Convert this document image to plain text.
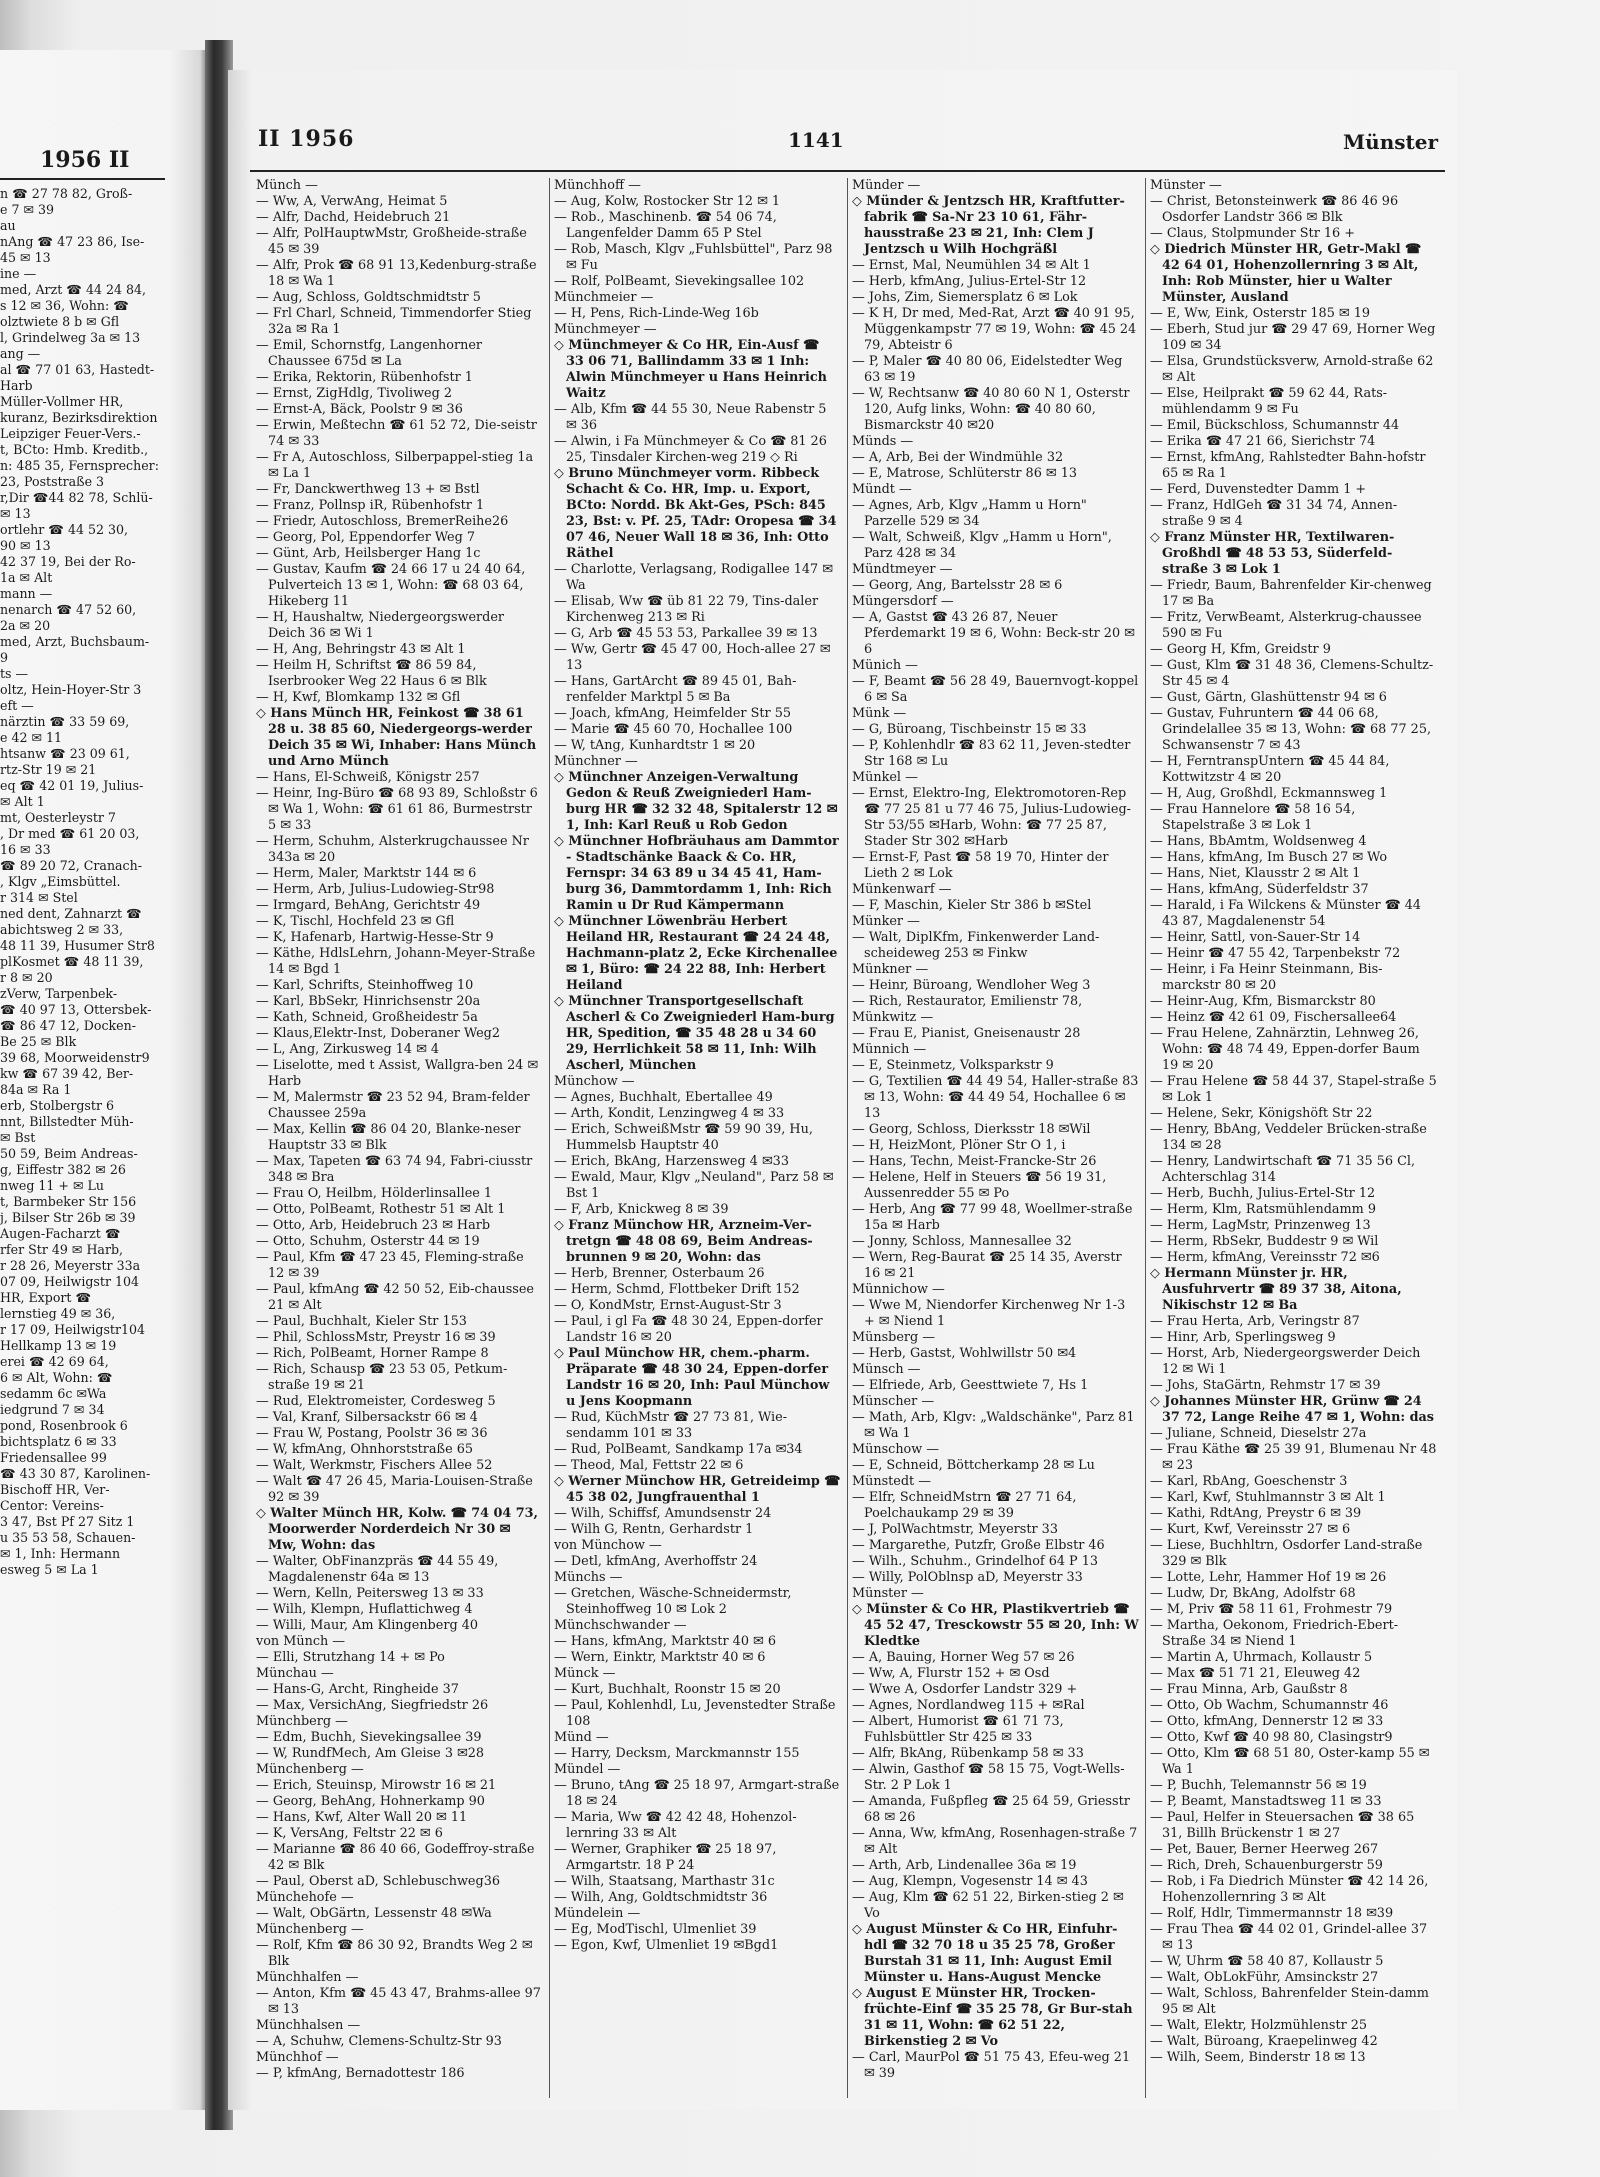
1956 II
n ☎ 27 78 82, Groß-
e 7 ✉ 39
au
nAng ☎ 47 23 86, Ise-
45 ✉ 13
ine —
med, Arzt ☎ 44 24 84,
s 12 ✉ 36, Wohn: ☎
olztwiete 8 b ✉ Gfl
l, Grindelweg 3a ✉ 13
ang —
al ☎ 77 01 63, Hastedt-
Harb
Müller-Vollmer HR,
kuranz, Bezirksdirektion
Leipziger Feuer-Vers.-
t, BCto: Hmb. Kreditb.,
n: 485 35, Fernsprecher:
23, Poststraße 3
r,Dir ☎44 82 78, Schlü-
✉ 13
ortlehr ☎ 44 52 30,
90 ✉ 13
42 37 19, Bei der Ro-
1a ✉ Alt
mann —
nenarch ☎ 47 52 60,
2a ✉ 20
med, Arzt, Buchsbaum-
9
ts —
oltz, Hein-Hoyer-Str 3
eft —
närztin ☎ 33 59 69,
e 42 ✉ 11
htsanw ☎ 23 09 61,
rtz-Str 19 ✉ 21
eq ☎ 42 01 19, Julius-
✉ Alt 1
mt, Oesterleystr 7
, Dr med ☎ 61 20 03,
16 ✉ 33
☎ 89 20 72, Cranach-
, Klgv „Eimsbüttel.
r 314 ✉ Stel
ned dent, Zahnarzt ☎
abichtsweg 2 ✉ 33,
48 11 39, Husumer Str8
plKosmet ☎ 48 11 39,
r 8 ✉ 20
zVerw, Tarpenbek-
☎ 40 97 13, Ottersbek-
☎ 86 47 12, Docken-
Be 25 ✉ Blk
39 68, Moorweidenstr9
kw ☎ 67 39 42, Ber-
84a ✉ Ra 1
erb, Stolbergstr 6
nnt, Billstedter Müh-
✉ Bst
50 59, Beim Andreas-
g, Eiffestr 382 ✉ 26
nweg 11 + ✉ Lu
t, Barmbeker Str 156
j, Bilser Str 26b ✉ 39
Augen-Facharzt ☎
rfer Str 49 ✉ Harb,
r 28 26, Meyerstr 33a
07 09, Heilwigstr 104
HR, Export ☎
lernstieg 49 ✉ 36,
r 17 09, Heilwigstr104
Hellkamp 13 ✉ 19
erei ☎ 42 69 64,
6 ✉ Alt, Wohn: ☎
sedamm 6c ✉Wa
iedgrund 7 ✉ 34
pond, Rosenbrook 6
bichtsplatz 6 ✉ 33
Friedensallee 99
☎ 43 30 87, Karolinen-
Bischoff HR, Ver-
Centor: Vereins-
3 47, Bst Pf 27 Sitz 1
u 35 53 58, Schauen-
✉ 1, Inh: Hermann
esweg 5 ✉ La 1
II 1956	1141	Münster
Münch —
— Ww, A, VerwAng, Heimat 5
— Alfr, Dachd, Heidebruch 21
— Alfr, PolHauptwMstr, Großheide-straße 45 ✉ 39
— Alfr, Prok ☎ 68 91 13,Kedenburg-straße 18 ✉ Wa 1
— Aug, Schloss, Goldtschmidtstr 5
— Frl Charl, Schneid, Timmendorfer Stieg 32a ✉ Ra 1
— Emil, Schornstfg, Langenhorner Chaussee 675d ✉ La
— Erika, Rektorin, Rübenhofstr 1
— Ernst, ZigHdlg, Tivoliweg 2
— Ernst-A, Bäck, Poolstr 9 ✉ 36
— Erwin, Meßtechn ☎ 61 52 72, Die-seistr 74 ✉ 33
— Fr A, Autoschloss, Silberpappel-stieg 1a ✉ La 1
— Fr, Danckwerthweg 13 + ✉ Bstl
— Franz, Pollnsp iR, Rübenhofstr 1
— Friedr, Autoschloss, BremerReihe26
— Georg, Pol, Eppendorfer Weg 7
— Günt, Arb, Heilsberger Hang 1c
— Gustav, Kaufm ☎ 24 66 17 u 24 40 64, Pulverteich 13 ✉ 1, Wohn: ☎ 68 03 64, Hikeberg 11
— H, Haushaltw, Niedergeorgswerder Deich 36 ✉ Wi 1
— H, Ang, Behringstr 43 ✉ Alt 1
— Heilm H, Schriftst ☎ 86 59 84, Iserbrooker Weg 22 Haus 6 ✉ Blk
— H, Kwf, Blomkamp 132 ✉ Gfl
◇ Hans Münch HR, Feinkost ☎ 38 61 28 u. 38 85 60, Niedergeorgs-werder Deich 35 ✉ Wi, Inhaber: Hans Münch und Arno Münch
— Hans, El-Schweiß, Königstr 257
— Heinr, Ing-Büro ☎ 68 93 89, Schloßstr 6 ✉ Wa 1, Wohn: ☎ 61 61 86, Burmestrstr 5 ✉ 33
— Herm, Schuhm, Alsterkrugchaussee Nr 343a ✉ 20
— Herm, Maler, Marktstr 144 ✉ 6
— Herm, Arb, Julius-Ludowieg-Str98
— Irmgard, BehAng, Gerichtstr 49
— K, Tischl, Hochfeld 23 ✉ Gfl
— K, Hafenarb, Hartwig-Hesse-Str 9
— Käthe, HdlsLehrn, Johann-Meyer-Straße 14 ✉ Bgd 1
— Karl, Schrifts, Steinhoffweg 10
— Karl, BbSekr, Hinrichsenstr 20a
— Kath, Schneid, Großheidestr 5a
— Klaus,Elektr-Inst, Doberaner Weg2
— L, Ang, Zirkusweg 14 ✉ 4
— Liselotte, med t Assist, Wallgra-ben 24 ✉ Harb
— M, Malermstr ☎ 23 52 94, Bram-felder Chaussee 259a
— Max, Kellin ☎ 86 04 20, Blanke-neser Hauptstr 33 ✉ Blk
— Max, Tapeten ☎ 63 74 94, Fabri-ciusstr 348 ✉ Bra
— Frau O, Heilbm, Hölderlinsallee 1
— Otto, PolBeamt, Rothestr 51 ✉ Alt 1
— Otto, Arb, Heidebruch 23 ✉ Harb
— Otto, Schuhm, Osterstr 44 ✉ 19
— Paul, Kfm ☎ 47 23 45, Fleming-straße 12 ✉ 39
— Paul, kfmAng ☎ 42 50 52, Eib-chaussee 21 ✉ Alt
— Paul, Buchhalt, Kieler Str 153
— Phil, SchlossMstr, Preystr 16 ✉ 39
— Rich, PolBeamt, Horner Rampe 8
— Rich, Schausp ☎ 23 53 05, Petkum-straße 19 ✉ 21
— Rud, Elektromeister, Cordesweg 5
— Val, Kranf, Silbersackstr 66 ✉ 4
— Frau W, Postang, Poolstr 36 ✉ 36
— W, kfmAng, Ohnhorststraße 65
— Walt, Werkmstr, Fischers Allee 52
— Walt ☎ 47 26 45, Maria-Louisen-Straße 92 ✉ 39
◇ Walter Münch HR, Kolw. ☎ 74 04 73, Moorwerder Norderdeich Nr 30 ✉ Mw, Wohn: das
— Walter, ObFinanzpräs ☎ 44 55 49, Magdalenenstr 64a ✉ 13
— Wern, Kelln, Peitersweg 13 ✉ 33
— Wilh, Klempn, Huflattichweg 4
— Willi, Maur, Am Klingenberg 40
von Münch —
— Elli, Strutzhang 14 + ✉ Po
Münchau —
— Hans-G, Archt, Ringheide 37
— Max, VersichAng, Siegfriedstr 26
Münchberg —
— Edm, Buchh, Sievekingsallee 39
— W, RundfMech, Am Gleise 3 ✉28
Münchenberg —
— Erich, Steuinsp, Mirowstr 16 ✉ 21
— Georg, BehAng, Hohnerkamp 90
— Hans, Kwf, Alter Wall 20 ✉ 11
— K, VersAng, Feltstr 22 ✉ 6
— Marianne ☎ 86 40 66, Godeffroy-straße 42 ✉ Blk
— Paul, Oberst aD, Schlebuschweg36
Münchehofe —
— Walt, ObGärtn, Lessenstr 48 ✉Wa
Münchenberg —
— Rolf, Kfm ☎ 86 30 92, Brandts Weg 2 ✉ Blk
Münchhalfen —
— Anton, Kfm ☎ 45 43 47, Brahms-allee 97 ✉ 13
Münchhalsen —
— A, Schuhw, Clemens-Schultz-Str 93
Münchhof —
— P, kfmAng, Bernadottestr 186
Münchhoff —
— Aug, Kolw, Rostocker Str 12 ✉ 1
— Rob., Maschinenb. ☎ 54 06 74, Langenfelder Damm 65 P Stel
— Rob, Masch, Klgv „Fuhlsbüttel", Parz 98 ✉ Fu
— Rolf, PolBeamt, Sievekingsallee 102
Münchmeier —
— H, Pens, Rich-Linde-Weg 16b
Münchmeyer —
◇ Münchmeyer & Co HR, Ein-Ausf ☎ 33 06 71, Ballindamm 33 ✉ 1 Inh: Alwin Münchmeyer u Hans Heinrich Waitz
— Alb, Kfm ☎ 44 55 30, Neue Rabenstr 5 ✉ 36
— Alwin, i Fa Münchmeyer & Co ☎ 81 26 25, Tinsdaler Kirchen-weg 219 ◇ Ri
◇ Bruno Münchmeyer vorm. Ribbeck Schacht & Co. HR, Imp. u. Export, BCto: Nordd. Bk Akt-Ges, PSch: 845 23, Bst: v. Pf. 25, TAdr: Oropesa ☎ 34 07 46, Neuer Wall 18 ✉ 36, Inh: Otto Räthel
— Charlotte, Verlagsang, Rodigallee 147 ✉ Wa
— Elisab, Ww ☎ üb 81 22 79, Tins-daler Kirchenweg 213 ✉ Ri
— G, Arb ☎ 45 53 53, Parkallee 39 ✉ 13
— Ww, Gertr ☎ 45 47 00, Hoch-allee 27 ✉ 13
— Hans, GartArcht ☎ 89 45 01, Bah-renfelder Marktpl 5 ✉ Ba
— Joach, kfmAng, Heimfelder Str 55
— Marie ☎ 45 60 70, Hochallee 100
— W, tAng, Kunhardtstr 1 ✉ 20
Münchner —
◇ Münchner Anzeigen-Verwaltung Gedon & Reuß Zweigniederl Ham-burg HR ☎ 32 32 48, Spitalerstr 12 ✉ 1, Inh: Karl Reuß u Rob Gedon
◇ Münchner Hofbräuhaus am Dammtor - Stadtschänke Baack & Co. HR, Fernspr: 34 63 89 u 34 45 41, Ham-burg 36, Dammtordamm 1, Inh: Rich Ramin u Dr Rud Kämpermann
◇ Münchner Löwenbräu Herbert Heiland HR, Restaurant ☎ 24 24 48, Hachmann-platz 2, Ecke Kirchenallee ✉ 1, Büro: ☎ 24 22 88, Inh: Herbert Heiland
◇ Münchner Transportgesellschaft Ascherl & Co Zweigniederl Ham-burg HR, Spedition, ☎ 35 48 28 u 34 60 29, Herrlichkeit 58 ✉ 11, Inh: Wilh Ascherl, München
Münchow —
— Agnes, Buchhalt, Ebertallee 49
— Arth, Kondit, Lenzingweg 4 ✉ 33
— Erich, SchweißMstr ☎ 59 90 39, Hu, Hummelsb Hauptstr 40
— Erich, BkAng, Harzensweg 4 ✉33
— Ewald, Maur, Klgv „Neuland", Parz 58 ✉ Bst 1
— F, Arb, Knickweg 8 ✉ 39
◇ Franz Münchow HR, Arzneim-Ver-tretgn ☎ 48 08 69, Beim Andreas-brunnen 9 ✉ 20, Wohn: das
— Herb, Brenner, Osterbaum 26
— Herm, Schmd, Flottbeker Drift 152
— O, KondMstr, Ernst-August-Str 3
— Paul, i gl Fa ☎ 48 30 24, Eppen-dorfer Landstr 16 ✉ 20
◇ Paul Münchow HR, chem.-pharm. Präparate ☎ 48 30 24, Eppen-dorfer Landstr 16 ✉ 20, Inh: Paul Münchow u Jens Koopmann
— Rud, KüchMstr ☎ 27 73 81, Wie-sendamm 101 ✉ 33
— Rud, PolBeamt, Sandkamp 17a ✉34
— Theod, Mal, Fettstr 22 ✉ 6
◇ Werner Münchow HR, Getreideimp ☎ 45 38 02, Jungfrauenthal 1
— Wilh, Schiffsf, Amundsenstr 24
— Wilh G, Rentn, Gerhardstr 1
von Münchow —
— Detl, kfmAng, Averhoffstr 24
Münchs —
— Gretchen, Wäsche-Schneidermstr, Steinhoffweg 10 ✉ Lok 2
Münchschwander —
— Hans, kfmAng, Marktstr 40 ✉ 6
— Wern, Einktr, Marktstr 40 ✉ 6
Münck —
— Kurt, Buchhalt, Roonstr 15 ✉ 20
— Paul, Kohlenhdl, Lu, Jevenstedter Straße 108
Münd —
— Harry, Decksm, Marckmannstr 155
Mündel —
— Bruno, tAng ☎ 25 18 97, Armgart-straße 18 ✉ 24
— Maria, Ww ☎ 42 42 48, Hohenzol-lernring 33 ✉ Alt
— Werner, Graphiker ☎ 25 18 97, Armgartstr. 18 P 24
— Wilh, Staatsang, Marthastr 31c
— Wilh, Ang, Goldtschmidtstr 36
Mündelein —
— Eg, ModTischl, Ulmenliet 39
— Egon, Kwf, Ulmenliet 19 ✉Bgd1
Münder —
◇ Münder & Jentzsch HR, Kraftfutter-fabrik ☎ Sa-Nr 23 10 61, Fähr-hausstraße 23 ✉ 21, Inh: Clem J Jentzsch u Wilh Hochgräßl
— Ernst, Mal, Neumühlen 34 ✉ Alt 1
— Herb, kfmAng, Julius-Ertel-Str 12
— Johs, Zim, Siemersplatz 6 ✉ Lok
— K H, Dr med, Med-Rat, Arzt ☎ 40 91 95, Müggenkampstr 77 ✉ 19, Wohn: ☎ 45 24 79, Abteistr 6
— P, Maler ☎ 40 80 06, Eidelstedter Weg 63 ✉ 19
— W, Rechtsanw ☎ 40 80 60 N 1, Osterstr 120, Aufg links, Wohn: ☎ 40 80 60, Bismarckstr 40 ✉20
Münds —
— A, Arb, Bei der Windmühle 32
— E, Matrose, Schlüterstr 86 ✉ 13
Mündt —
— Agnes, Arb, Klgv „Hamm u Horn" Parzelle 529 ✉ 34
— Walt, Schweiß, Klgv „Hamm u Horn", Parz 428 ✉ 34
Mündtmeyer —
— Georg, Ang, Bartelsstr 28 ✉ 6
Müngersdorf —
— A, Gastst ☎ 43 26 87, Neuer Pferdemarkt 19 ✉ 6, Wohn: Beck-str 20 ✉ 6
Münich —
— F, Beamt ☎ 56 28 49, Bauernvogt-koppel 6 ✉ Sa
Münk —
— G, Büroang, Tischbeinstr 15 ✉ 33
— P, Kohlenhdlr ☎ 83 62 11, Jeven-stedter Str 168 ✉ Lu
Münkel —
— Ernst, Elektro-Ing, Elektromotoren-Rep ☎ 77 25 81 u 77 46 75, Julius-Ludowieg-Str 53/55 ✉Harb, Wohn: ☎ 77 25 87, Stader Str 302 ✉Harb
— Ernst-F, Past ☎ 58 19 70, Hinter der Lieth 2 ✉ Lok
Münkenwarf —
— F, Maschin, Kieler Str 386 b ✉Stel
Münker —
— Walt, DiplKfm, Finkenwerder Land-scheideweg 253 ✉ Finkw
Münkner —
— Heinr, Büroang, Wendloher Weg 3
— Rich, Restaurator, Emilienstr 78,
Münkwitz —
— Frau E, Pianist, Gneisenaustr 28
Münnich —
— E, Steinmetz, Volksparkstr 9
— G, Textilien ☎ 44 49 54, Haller-straße 83 ✉ 13, Wohn: ☎ 44 49 54, Hochallee 6 ✉ 13
— Georg, Schloss, Dierksstr 18 ✉Wil
— H, HeizMont, Plöner Str O 1, i
— Hans, Techn, Meist-Francke-Str 26
— Helene, Helf in Steuers ☎ 56 19 31, Aussenredder 55 ✉ Po
— Herb, Ang ☎ 77 99 48, Woellmer-straße 15a ✉ Harb
— Jonny, Schloss, Mannesallee 32
— Wern, Reg-Baurat ☎ 25 14 35, Averstr 16 ✉ 21
Münnichow —
— Wwe M, Niendorfer Kirchenweg Nr 1-3 + ✉ Niend 1
Münsberg —
— Herb, Gastst, Wohlwillstr 50 ✉4
Münsch —
— Elfriede, Arb, Geesttwiete 7, Hs 1
Münscher —
— Math, Arb, Klgv: „Waldschänke", Parz 81 ✉ Wa 1
Münschow —
— E, Schneid, Böttcherkamp 28 ✉ Lu
Münstedt —
— Elfr, SchneidMstrn ☎ 27 71 64, Poelchaukamp 29 ✉ 39
— J, PolWachtmstr, Meyerstr 33
— Margarethe, Putzfr, Große Elbstr 46
— Wilh., Schuhm., Grindelhof 64 P 13
— Willy, PolOblnsp aD, Meyerstr 33
Münster —
◇ Münster & Co HR, Plastikvertrieb ☎ 45 52 47, Tresckowstr 55 ✉ 20, Inh: W Kledtke
— A, Bauing, Horner Weg 57 ✉ 26
— Ww, A, Flurstr 152 + ✉ Osd
— Wwe A, Osdorfer Landstr 329 +
— Agnes, Nordlandweg 115 + ✉Ral
— Albert, Humorist ☎ 61 71 73, Fuhlsbüttler Str 425 ✉ 33
— Alfr, BkAng, Rübenkamp 58 ✉ 33
— Alwin, Gasthof ☎ 58 15 75, Vogt-Wells-Str. 2 P Lok 1
— Amanda, Fußpfleg ☎ 25 64 59, Griesstr 68 ✉ 26
— Anna, Ww, kfmAng, Rosenhagen-straße 7 ✉ Alt
— Arth, Arb, Lindenallee 36a ✉ 19
— Aug, Klempn, Vogesenstr 14 ✉ 43
— Aug, Klm ☎ 62 51 22, Birken-stieg 2 ✉ Vo
◇ August Münster & Co HR, Einfuhr-hdl ☎ 32 70 18 u 35 25 78, Großer Burstah 31 ✉ 11, Inh: August Emil Münster u. Hans-August Mencke
◇ August E Münster HR, Trocken-früchte-Einf ☎ 35 25 78, Gr Bur-stah 31 ✉ 11, Wohn: ☎ 62 51 22, Birkenstieg 2 ✉ Vo
— Carl, MaurPol ☎ 51 75 43, Efeu-weg 21 ✉ 39
Münster —
— Christ, Betonsteinwerk ☎ 86 46 96 Osdorfer Landstr 366 ✉ Blk
— Claus, Stolpmunder Str 16 +
◇ Diedrich Münster HR, Getr-Makl ☎ 42 64 01, Hohenzollernring 3 ✉ Alt, Inh: Rob Münster, hier u Walter Münster, Ausland
— E, Ww, Eink, Osterstr 185 ✉ 19
— Eberh, Stud jur ☎ 29 47 69, Horner Weg 109 ✉ 34
— Elsa, Grundstücksverw, Arnold-straße 62 ✉ Alt
— Else, Heilprakt ☎ 59 62 44, Rats-mühlendamm 9 ✉ Fu
— Emil, Bückschloss, Schumannstr 44
— Erika ☎ 47 21 66, Sierichstr 74
— Ernst, kfmAng, Rahlstedter Bahn-hofstr 65 ✉ Ra 1
— Ferd, Duvenstedter Damm 1 +
— Franz, HdlGeh ☎ 31 34 74, Annen-straße 9 ✉ 4
◇ Franz Münster HR, Textilwaren-Großhdl ☎ 48 53 53, Süderfeld-straße 3 ✉ Lok 1
— Friedr, Baum, Bahrenfelder Kir-chenweg 17 ✉ Ba
— Fritz, VerwBeamt, Alsterkrug-chaussee 590 ✉ Fu
— Georg H, Kfm, Greidstr 9
— Gust, Klm ☎ 31 48 36, Clemens-Schultz-Str 45 ✉ 4
— Gust, Gärtn, Glashüttenstr 94 ✉ 6
— Gustav, Fuhruntern ☎ 44 06 68, Grindelallee 35 ✉ 13, Wohn: ☎ 68 77 25, Schwansenstr 7 ✉ 43
— H, FerntranspUntern ☎ 45 44 84, Kottwitzstr 4 ✉ 20
— H, Aug, Großhdl, Eckmannsweg 1
— Frau Hannelore ☎ 58 16 54, Stapelstraße 3 ✉ Lok 1
— Hans, BbAmtm, Woldsenweg 4
— Hans, kfmAng, Im Busch 27 ✉ Wo
— Hans, Niet, Klausstr 2 ✉ Alt 1
— Hans, kfmAng, Süderfeldstr 37
— Harald, i Fa Wilckens & Münster ☎ 44 43 87, Magdalenenstr 54
— Heinr, Sattl, von-Sauer-Str 14
— Heinr ☎ 47 55 42, Tarpenbekstr 72
— Heinr, i Fa Heinr Steinmann, Bis-marckstr 80 ✉ 20
— Heinr-Aug, Kfm, Bismarckstr 80
— Heinz ☎ 42 61 09, Fischersallee64
— Frau Helene, Zahnärztin, Lehnweg 26, Wohn: ☎ 48 74 49, Eppen-dorfer Baum 19 ✉ 20
— Frau Helene ☎ 58 44 37, Stapel-straße 5 ✉ Lok 1
— Helene, Sekr, Königshöft Str 22
— Henry, BbAng, Veddeler Brücken-straße 134 ✉ 28
— Henry, Landwirtschaft ☎ 71 35 56 Cl, Achterschlag 314
— Herb, Buchh, Julius-Ertel-Str 12
— Herm, Klm, Ratsmühlendamm 9
— Herm, LagMstr, Prinzenweg 13
— Herm, RbSekr, Buddestr 9 ✉ Wil
— Herm, kfmAng, Vereinsstr 72 ✉6
◇ Hermann Münster jr. HR, Ausfuhrvertr ☎ 89 37 38, Aitona, Nikischstr 12 ✉ Ba
— Frau Herta, Arb, Veringstr 87
— Hinr, Arb, Sperlingsweg 9
— Horst, Arb, Niedergeorgswerder Deich 12 ✉ Wi 1
— Johs, StaGärtn, Rehmstr 17 ✉ 39
◇ Johannes Münster HR, Grünw ☎ 24 37 72, Lange Reihe 47 ✉ 1, Wohn: das
— Juliane, Schneid, Dieselstr 27a
— Frau Käthe ☎ 25 39 91, Blumenau Nr 48 ✉ 23
— Karl, RbAng, Goeschenstr 3
— Karl, Kwf, Stuhlmannstr 3 ✉ Alt 1
— Kathi, RdtAng, Preystr 6 ✉ 39
— Kurt, Kwf, Vereinsstr 27 ✉ 6
— Liese, Buchhltrn, Osdorfer Land-straße 329 ✉ Blk
— Lotte, Lehr, Hammer Hof 19 ✉ 26
— Ludw, Dr, BkAng, Adolfstr 68
— M, Priv ☎ 58 11 61, Frohmestr 79
— Martha, Oekonom, Friedrich-Ebert-Straße 34 ✉ Niend 1
— Martin A, Uhrmach, Kollaustr 5
— Max ☎ 51 71 21, Eleuweg 42
— Frau Minna, Arb, Gaußstr 8
— Otto, Ob Wachm, Schumannstr 46
— Otto, kfmAng, Dennerstr 12 ✉ 33
— Otto, Kwf ☎ 40 98 80, Clasingstr9
— Otto, Klm ☎ 68 51 80, Oster-kamp 55 ✉ Wa 1
— P, Buchh, Telemannstr 56 ✉ 19
— P, Beamt, Manstadtsweg 11 ✉ 33
— Paul, Helfer in Steuersachen ☎ 38 65 31, Billh Brückenstr 1 ✉ 27
— Pet, Bauer, Berner Heerweg 267
— Rich, Dreh, Schauenburgerstr 59
— Rob, i Fa Diedrich Münster ☎ 42 14 26, Hohenzollernring 3 ✉ Alt
— Rolf, Hdlr, Timmermannstr 18 ✉39
— Frau Thea ☎ 44 02 01, Grindel-allee 37 ✉ 13
— W, Uhrm ☎ 58 40 87, Kollaustr 5
— Walt, ObLokFühr, Amsinckstr 27
— Walt, Schloss, Bahrenfelder Stein-damm 95 ✉ Alt
— Walt, Elektr, Holzmühlenstr 25
— Walt, Büroang, Kraepelinweg 42
— Wilh, Seem, Binderstr 18 ✉ 13
